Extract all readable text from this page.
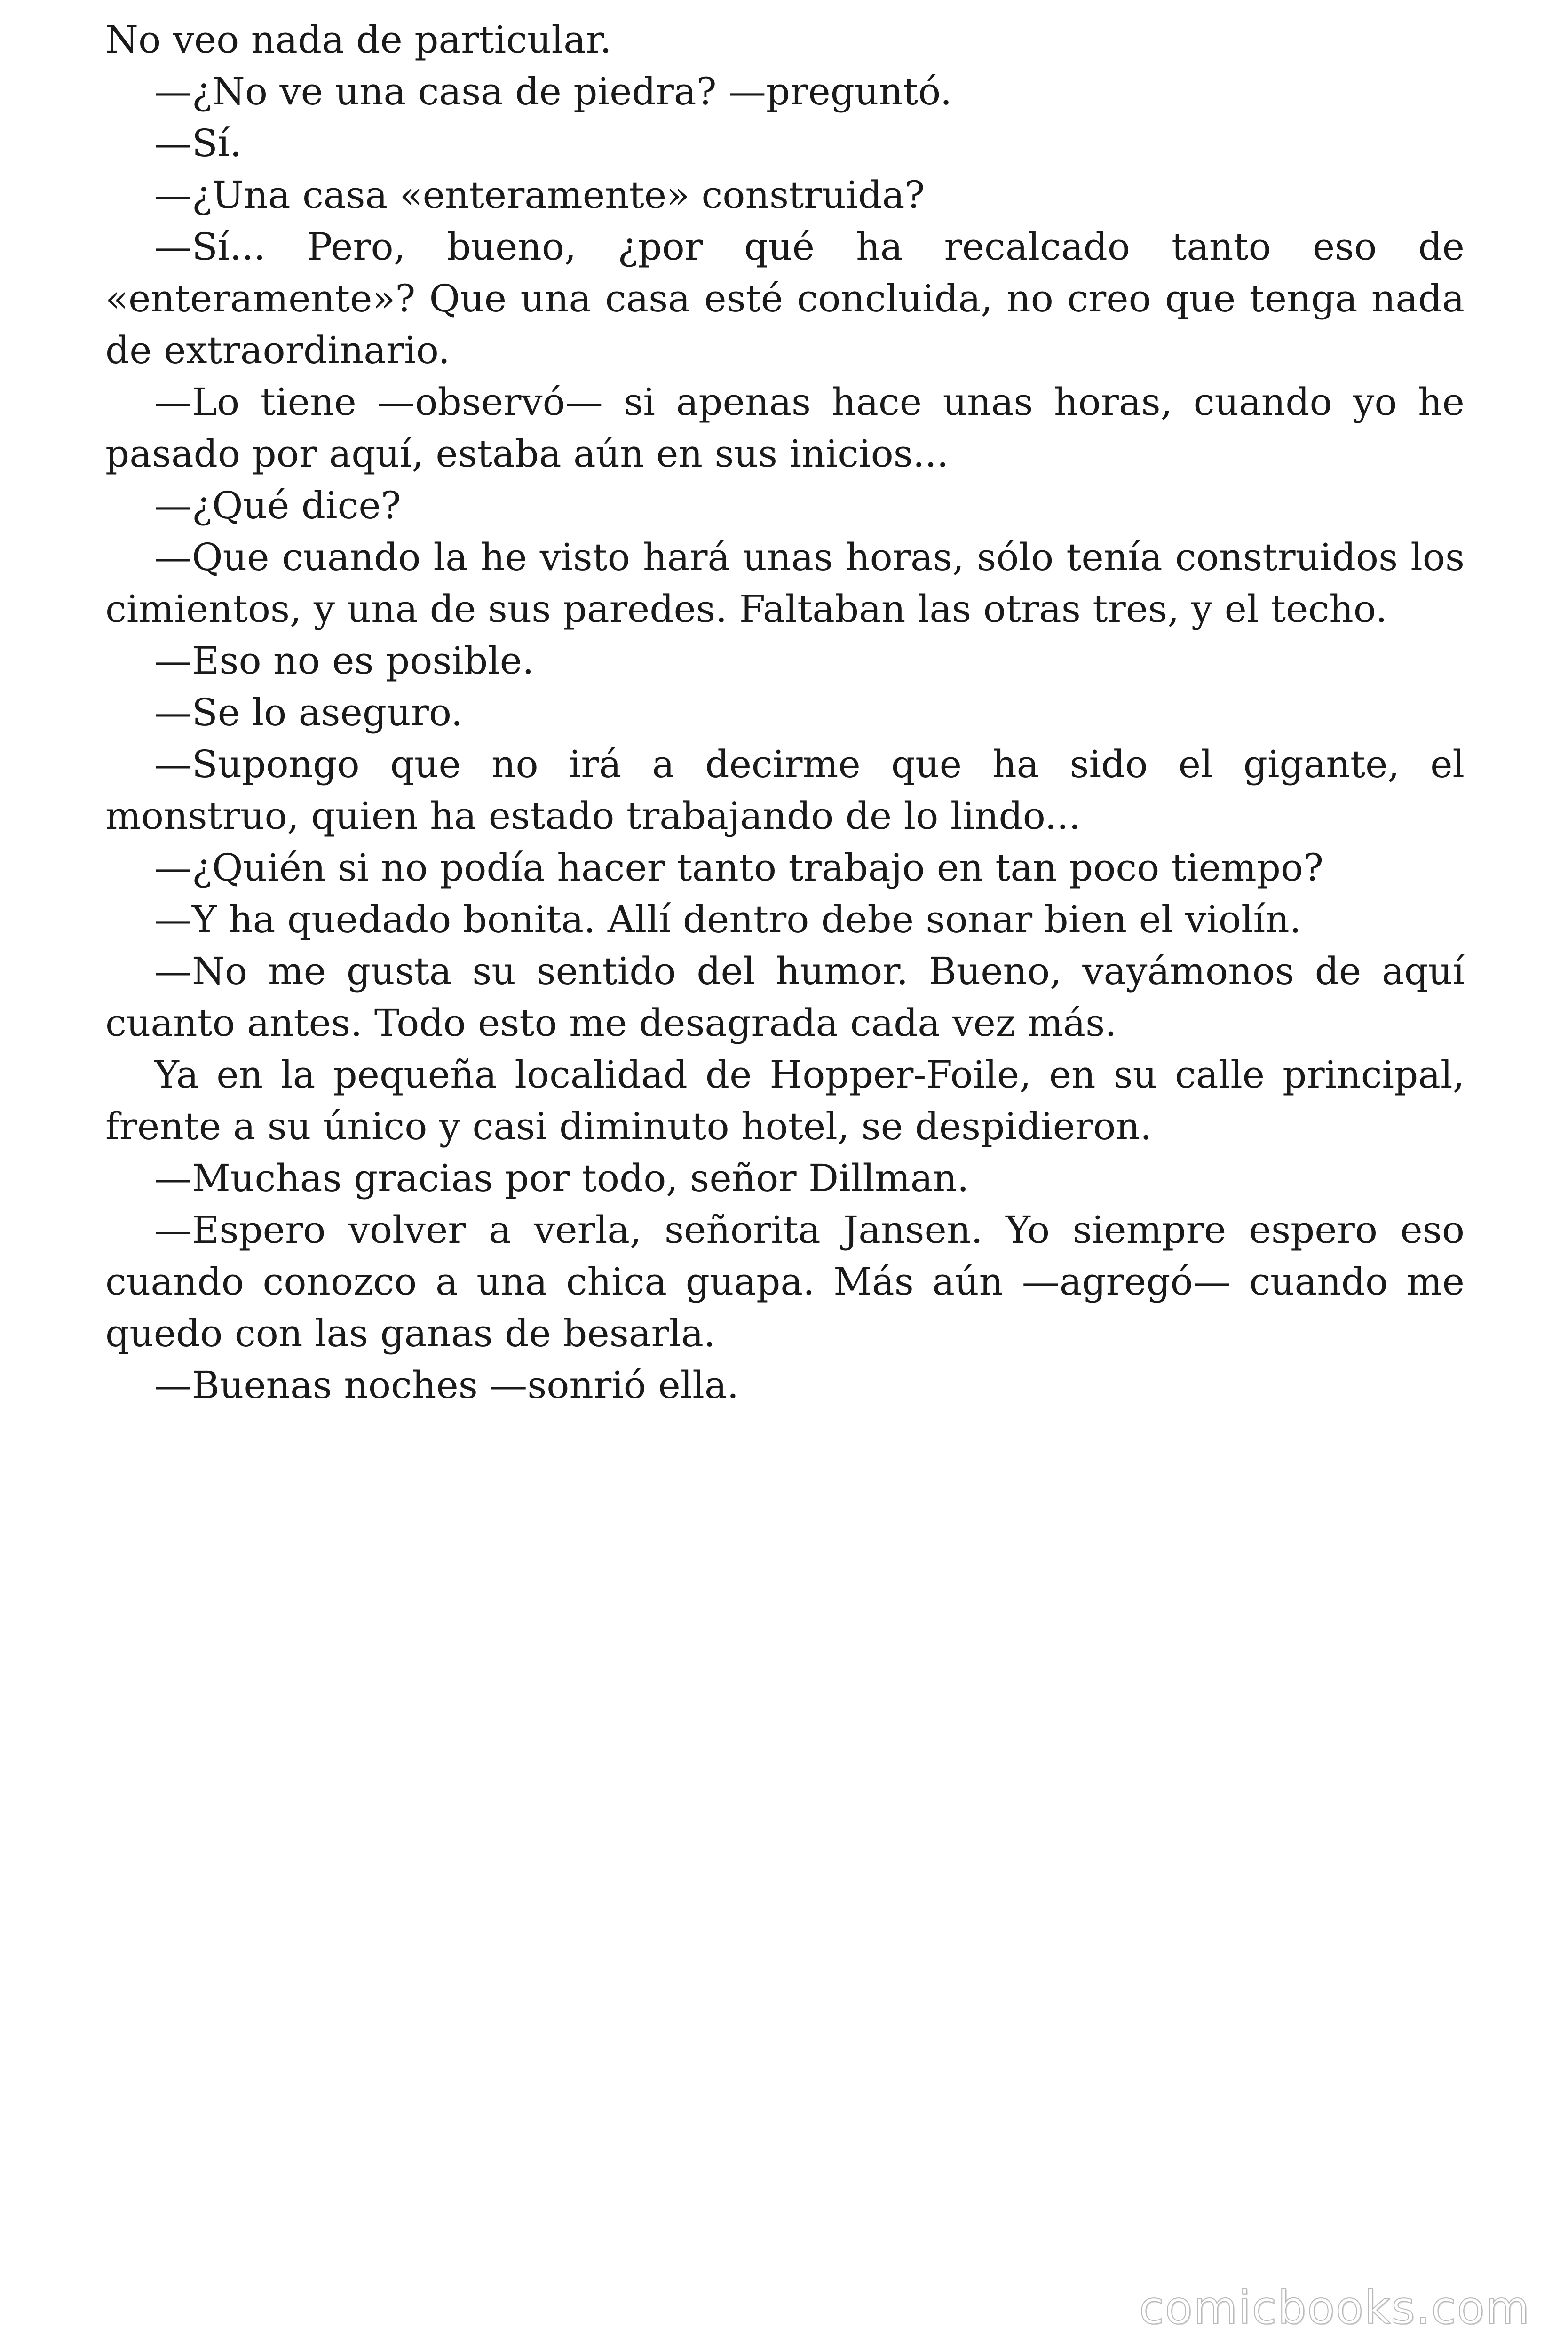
No veo nada de particular.

—¿No ve una casa de piedra? —preguntó.

—Sí.

—¿Una casa «enteramente» construida?

—Sí... Pero, bueno, ¿por qué ha recalcado tanto eso de «enteramente»? Que una casa esté concluida, no creo que tenga nada de extraordinario.

—Lo tiene —observó— si apenas hace unas horas, cuando yo he pasado por aquí, estaba aún en sus inicios...

—¿Qué dice?

—Que cuando la he visto hará unas horas, sólo tenía construidos los cimientos, y una de sus paredes. Faltaban las otras tres, y el techo.

—Eso no es posible.

—Se lo aseguro.

—Supongo que no irá a decirme que ha sido el gigante, el monstruo, quien ha estado trabajando de lo lindo...

—¿Quién si no podía hacer tanto trabajo en tan poco tiempo?

—Y ha quedado bonita. Allí dentro debe sonar bien el violín.

—No me gusta su sentido del humor. Bueno, vayámonos de aquí cuanto antes. Todo esto me desagrada cada vez más.

Ya en la pequeña localidad de Hopper-Foile, en su calle principal, frente a su único y casi diminuto hotel, se despidieron.

—Muchas gracias por todo, señor Dillman.

—Espero volver a verla, señorita Jansen. Yo siempre espero eso cuando conozco a una chica guapa. Más aún —agregó— cuando me quedo con las ganas de besarla.

—Buenas noches —sonrió ella.

comicbooks.com
